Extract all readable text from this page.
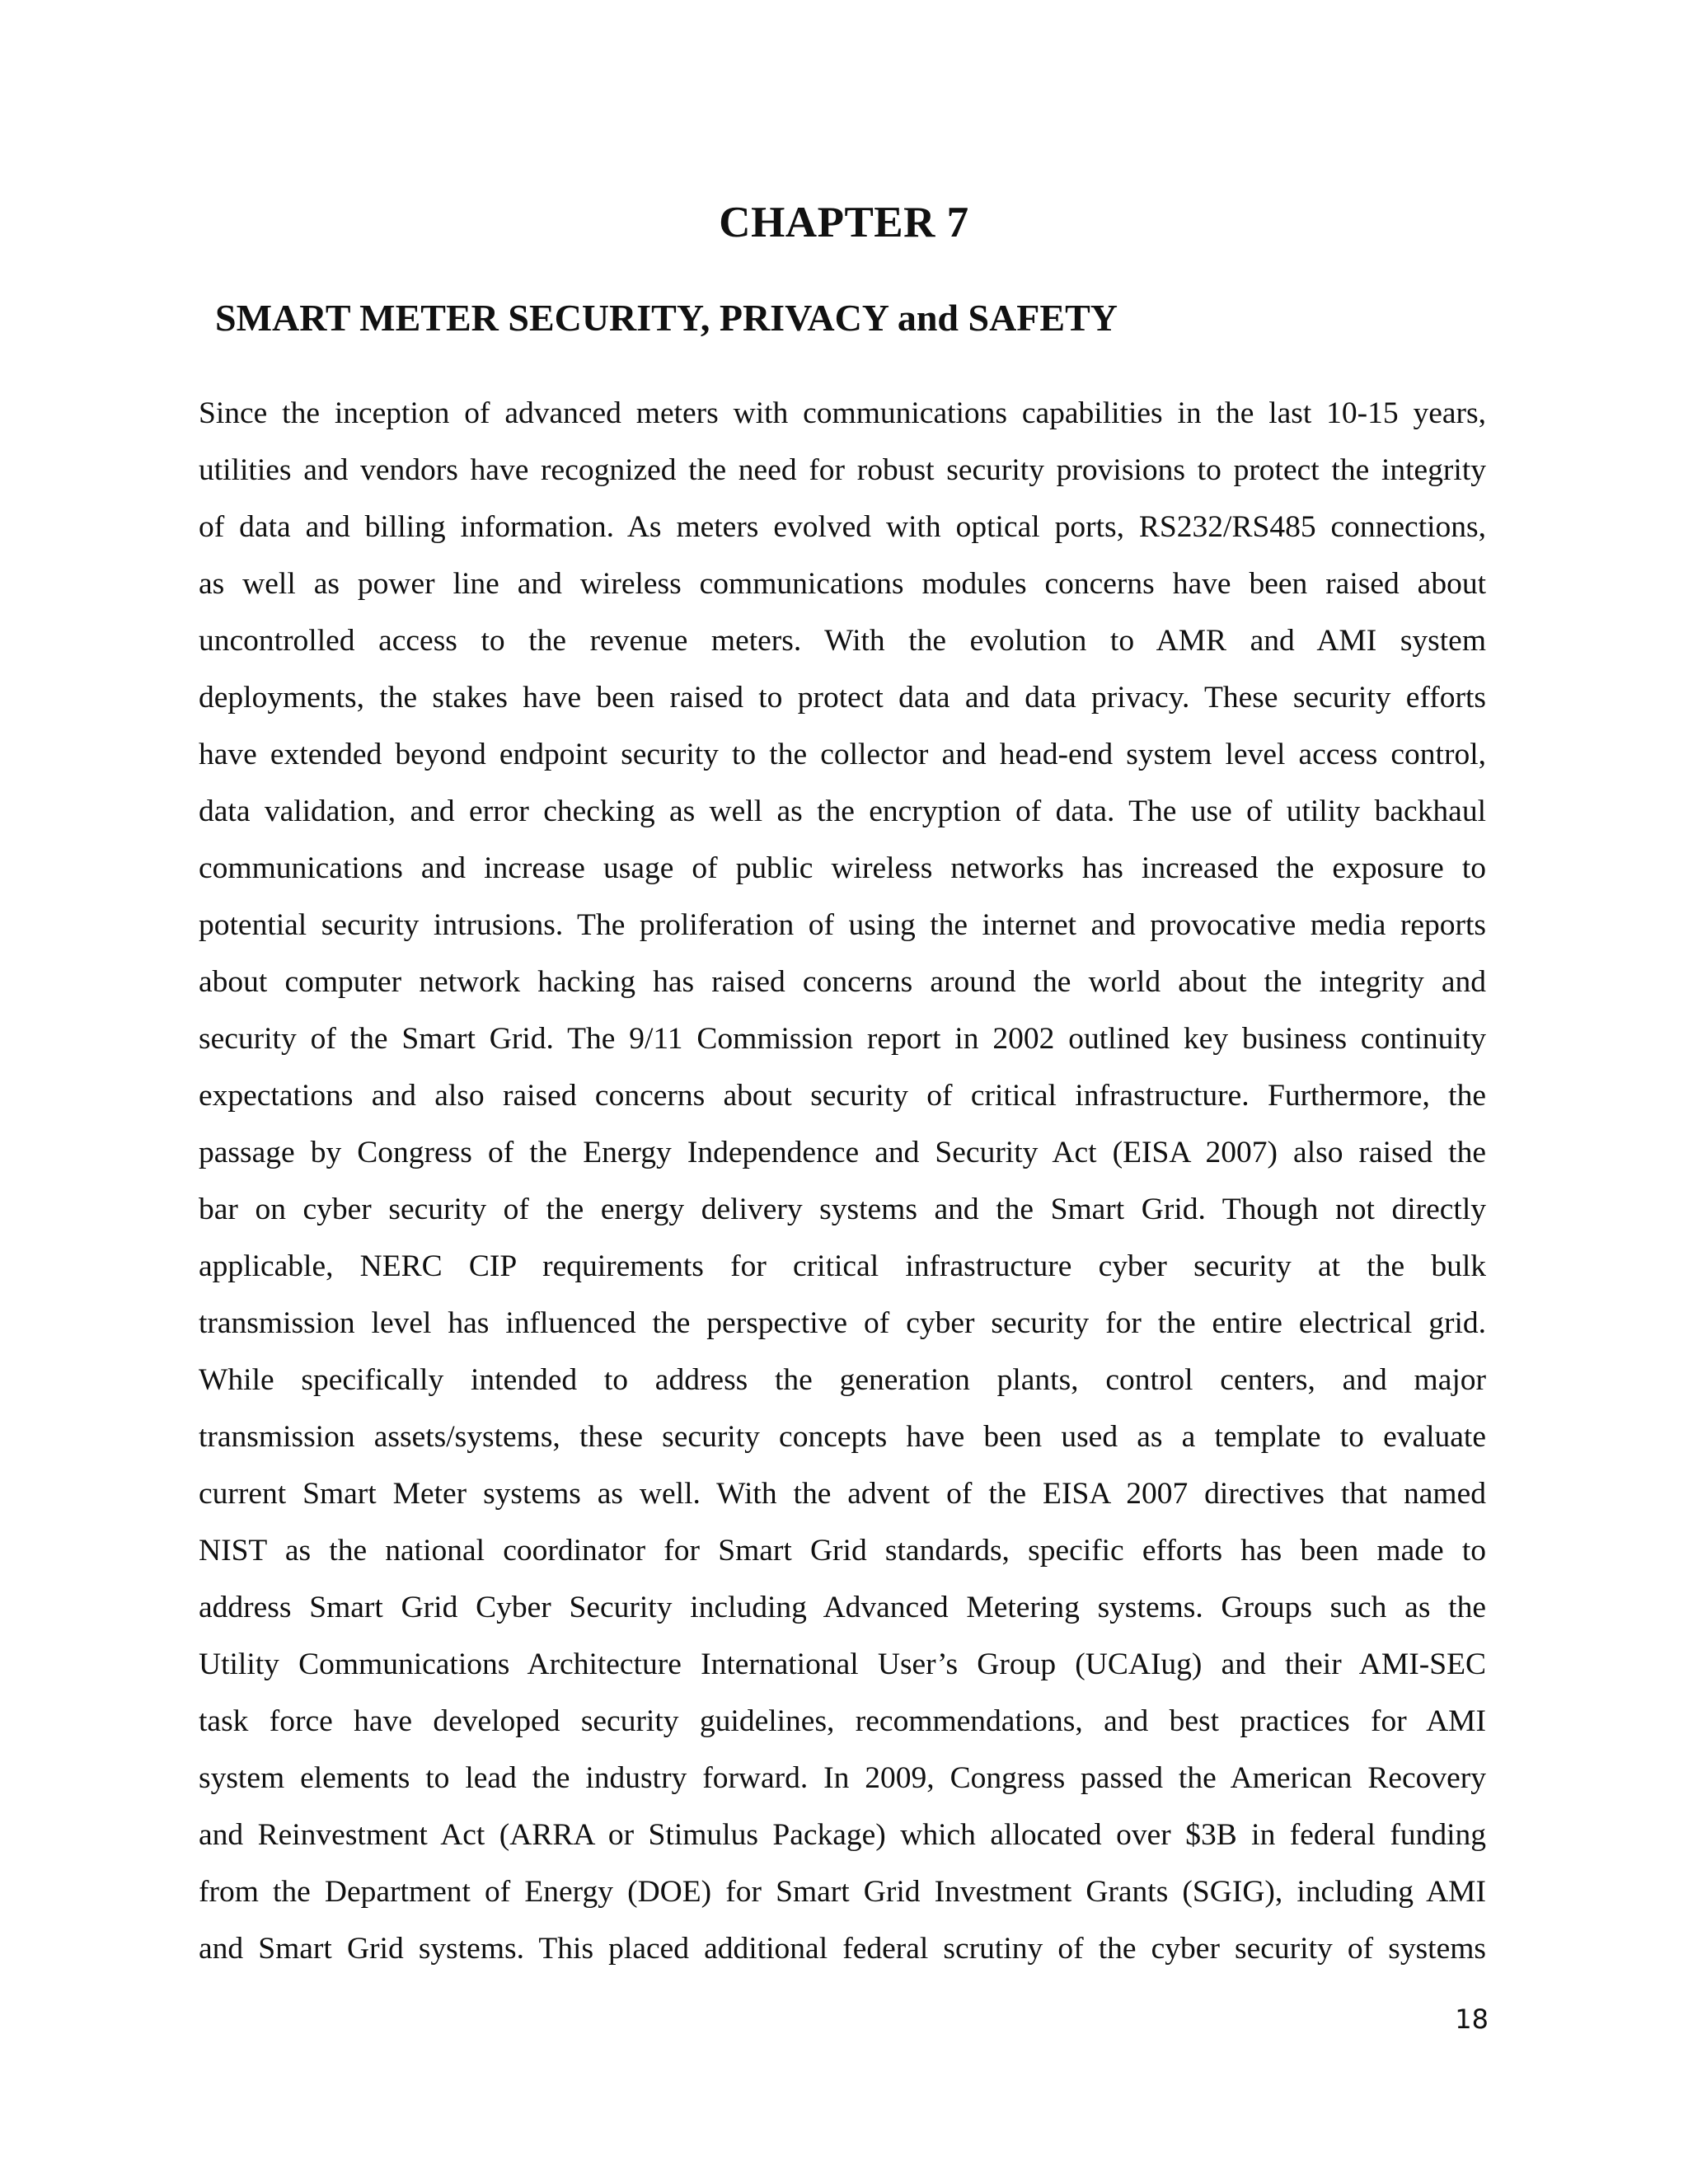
CHAPTER 7
SMART METER SECURITY, PRIVACY and SAFETY
Since the inception of advanced meters with communications capabilities in the last 10-15 years,
utilities and vendors have recognized the need for robust security provisions to protect the integrity
of data and billing information. As meters evolved with optical ports, RS232/RS485 connections,
as well as power line and wireless communications modules concerns have been raised about
uncontrolled access to the revenue meters. With the evolution to AMR and AMI system
deployments, the stakes have been raised to protect data and data privacy. These security efforts
have extended beyond endpoint security to the collector and head-end system level access control,
data validation, and error checking as well as the encryption of data. The use of utility backhaul
communications and increase usage of public wireless networks has increased the exposure to
potential security intrusions. The proliferation of using the internet and provocative media reports
about computer network hacking has raised concerns around the world about the integrity and
security of the Smart Grid. The 9/11 Commission report in 2002 outlined key business continuity
expectations and also raised concerns about security of critical infrastructure. Furthermore, the
passage by Congress of the Energy Independence and Security Act (EISA 2007) also raised the
bar on cyber security of the energy delivery systems and the Smart Grid. Though not directly
applicable, NERC CIP requirements for critical infrastructure cyber security at the bulk
transmission level has influenced the perspective of cyber security for the entire electrical grid.
While specifically intended to address the generation plants, control centers, and major
transmission assets/systems, these security concepts have been used as a template to evaluate
current Smart Meter systems as well. With the advent of the EISA 2007 directives that named
NIST as the national coordinator for Smart Grid standards, specific efforts has been made to
address Smart Grid Cyber Security including Advanced Metering systems. Groups such as the
Utility Communications Architecture International User’s Group (UCAIug) and their AMI-SEC
task force have developed security guidelines, recommendations, and best practices for AMI
system elements to lead the industry forward. In 2009, Congress passed the American Recovery
and Reinvestment Act (ARRA or Stimulus Package) which allocated over $3B in federal funding
from the Department of Energy (DOE) for Smart Grid Investment Grants (SGIG), including AMI
and Smart Grid systems. This placed additional federal scrutiny of the cyber security of systems
18
